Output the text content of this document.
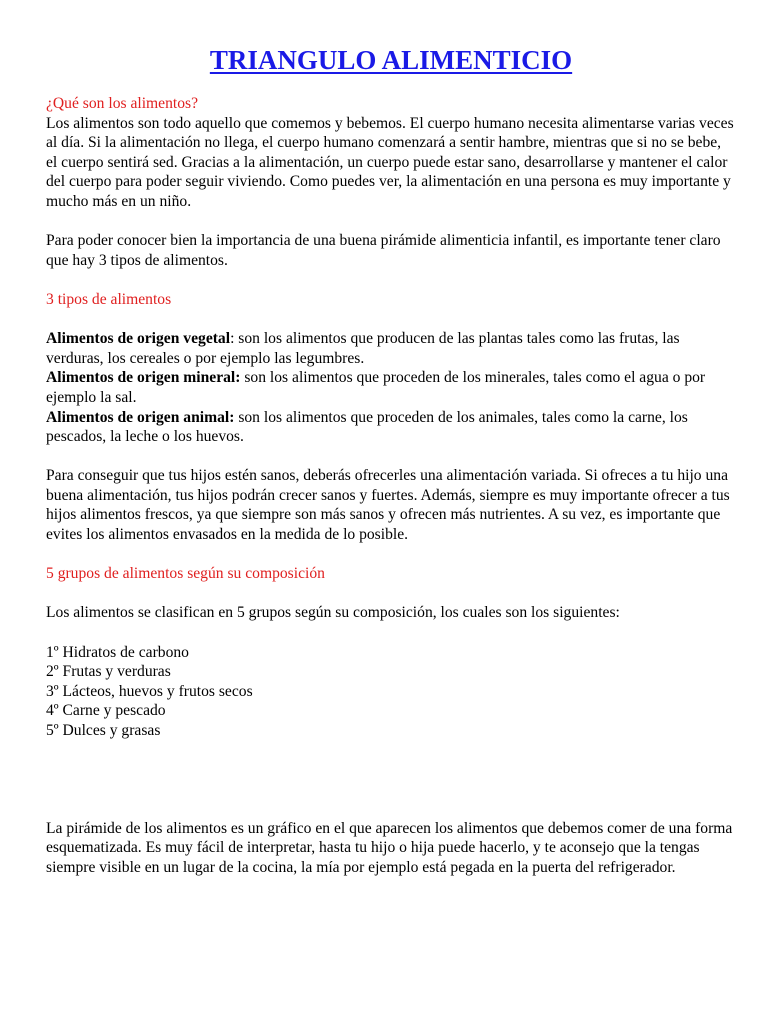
TRIANGULO ALIMENTICIO

¿Qué son los alimentos?

Los alimentos son todo aquello que comemos y bebemos. El cuerpo humano necesita alimentarse varias veces al día. Si la alimentación no llega, el cuerpo humano comenzará a sentir hambre, mientras que si no se bebe, el cuerpo sentirá sed. Gracias a la alimentación, un cuerpo puede estar sano, desarrollarse y mantener el calor del cuerpo para poder seguir viviendo. Como puedes ver, la alimentación en una persona es muy importante y mucho más en un niño.

Para poder conocer bien la importancia de una buena pirámide alimenticia infantil, es importante tener claro que hay 3 tipos de alimentos.

3 tipos de alimentos

Alimentos de origen vegetal: son los alimentos que producen de las plantas tales como las frutas, las verduras, los cereales o por ejemplo las legumbres.

Alimentos de origen mineral: son los alimentos que proceden de los minerales, tales como el agua o por ejemplo la sal.

Alimentos de origen animal: son los alimentos que proceden de los animales, tales como la carne, los pescados, la leche o los huevos.

Para conseguir que tus hijos estén sanos, deberás ofrecerles una alimentación variada. Si ofreces a tu hijo una buena alimentación, tus hijos podrán crecer sanos y fuertes. Además, siempre es muy importante ofrecer a tus hijos alimentos frescos, ya que siempre son más sanos y ofrecen más nutrientes. A su vez, es importante que evites los alimentos envasados en la medida de lo posible.

5 grupos de alimentos según su composición

Los alimentos se clasifican en 5 grupos según su composición, los cuales son los siguientes:

1º Hidratos de carbono

2º Frutas y verduras

3º Lácteos, huevos y frutos secos

4º Carne y pescado

5º Dulces y grasas

La pirámide de los alimentos es un gráfico en el que aparecen los alimentos que debemos comer de una forma esquematizada. Es muy fácil de interpretar, hasta tu hijo o hija puede hacerlo, y te aconsejo que la tengas siempre visible en un lugar de la cocina, la mía por ejemplo está pegada en la puerta del refrigerador.
